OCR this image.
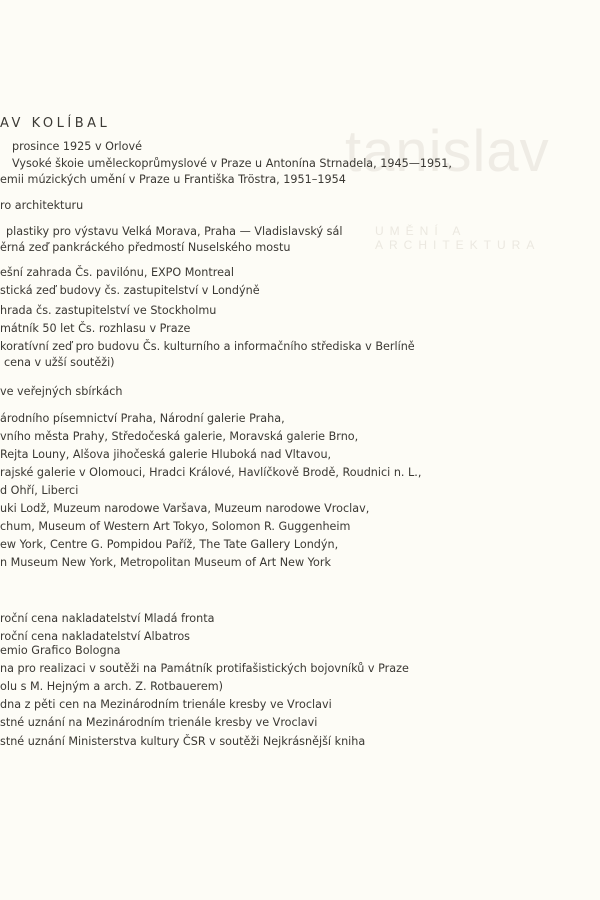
tanislav
UMĚNÍ A ARCHITEKTURA
AV KOLÍBAL
prosince 1925 v Orlové
Vysoké škoie uměleckoprůmyslové v Praze u Antonína Strnadela, 1945—1951,
emii múzických umění v Praze u Františka Tröstra, 1951–1954
ro architekturu
plastiky pro výstavu Velká Morava, Praha — Vladislavský sál
ěrná zeď pankráckého předmostí Nuselského mostu
ešní zahrada Čs. pavilónu, EXPO Montreal
stická zeď budovy čs. zastupitelství v Londýně
hrada čs. zastupitelství ve Stockholmu
mátník 50 let Čs. rozhlasu v Praze
koratívní zeď pro budovu Čs. kulturního a informačního střediska v Berlíně
cena v užší soutěži)
ve veřejných sbírkách
árodního písemnictví Praha, Národní galerie Praha,
vního města Prahy, Středočeská galerie, Moravská galerie Brno,
Rejta Louny, Alšova jihočeská galerie Hluboká nad Vltavou,
rajské galerie v Olomouci, Hradci Králové, Havlíčkově Brodě, Roudnici n. L.,
d Ohří, Liberci
uki Lodž, Muzeum narodowe Varšava, Muzeum narodowe Vroclav,
chum, Museum of Western Art Tokyo, Solomon R. Guggenheim
ew York, Centre G. Pompidou Paříž, The Tate Gallery Londýn,
n Museum New York, Metropolitan Museum of Art New York
roční cena nakladatelství Mladá fronta
roční cena nakladatelství Albatros
emio Grafico Bologna
na pro realizaci v soutěži na Památník protifašistických bojovníků v Praze
olu s M. Hejným a arch. Z. Rotbauerem)
dna z pěti cen na Mezinárodním trienále kresby ve Vroclavi
stné uznání na Mezinárodním trienále kresby ve Vroclavi
stné uznání Ministerstva kultury ČSR v soutěži Nejkrásnější kniha
